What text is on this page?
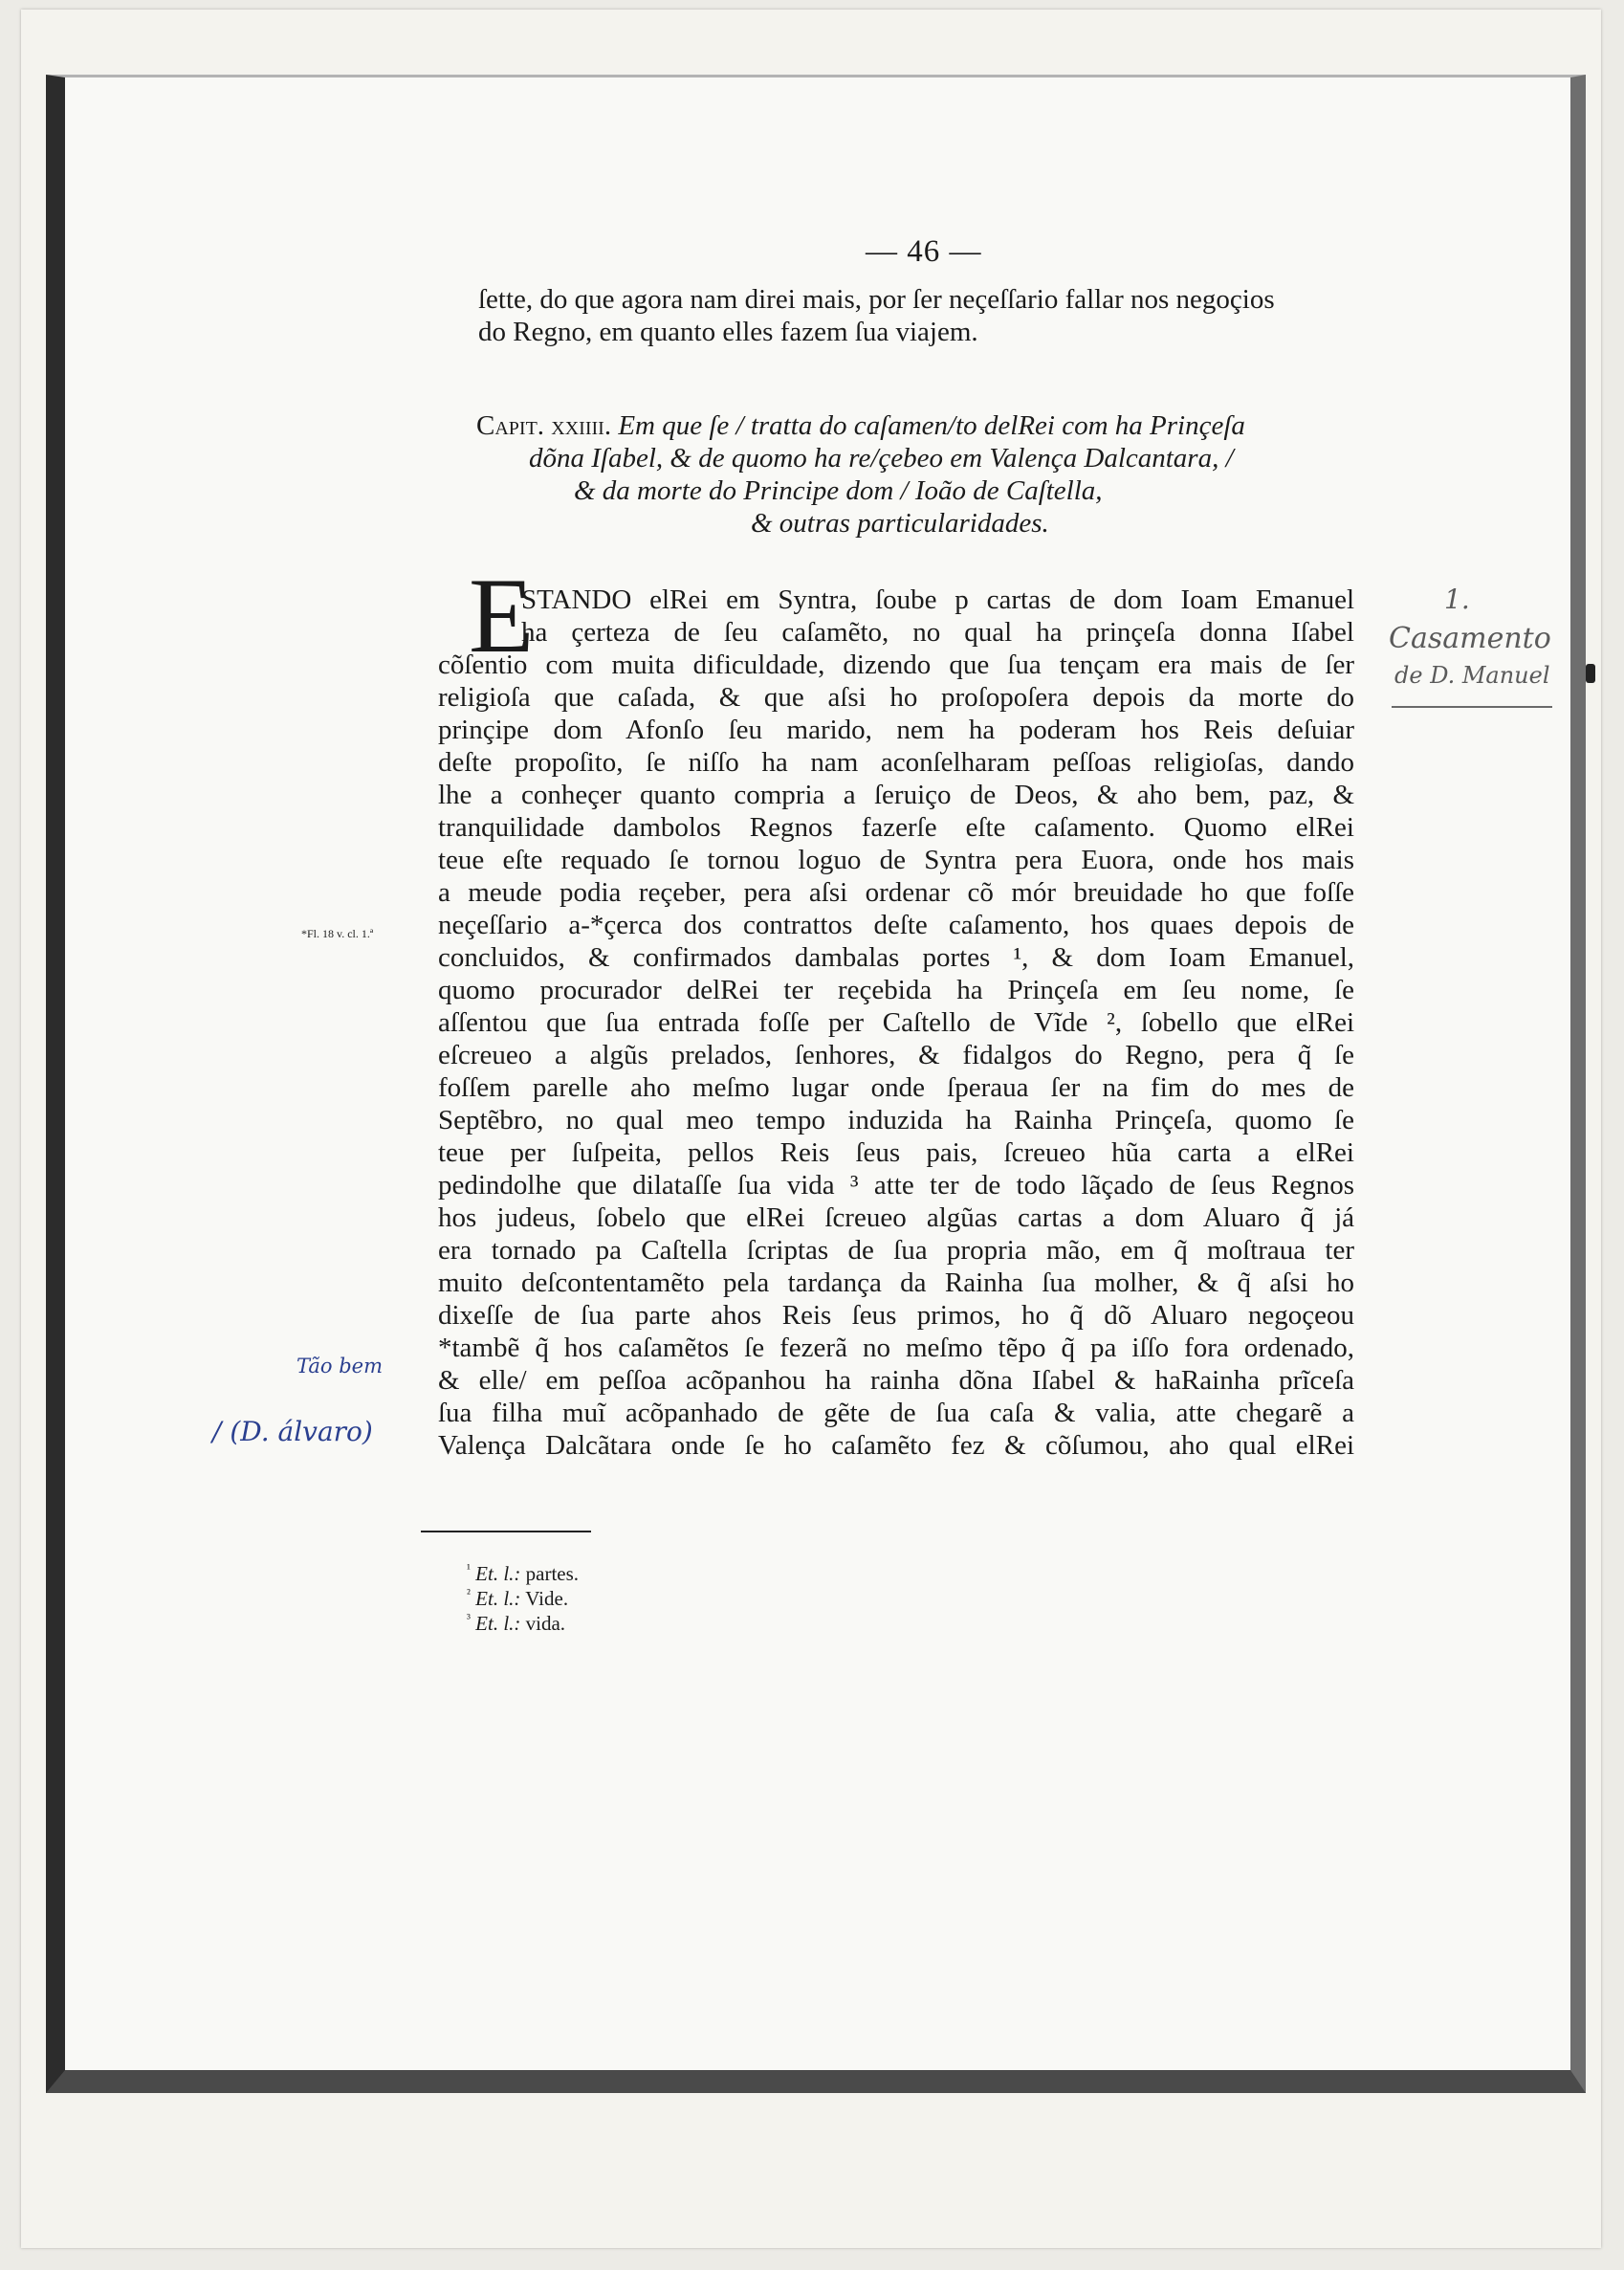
— 46 —
ſette, do que agora nam direi mais, por ſer neçeſſario fallar nos negoçios
do Regno, em quanto elles fazem ſua viajem.
Capit. xxiiii. Em que ſe / tratta do caſamen/to delRei com ha Prinçeſa
dõna Iſabel, & de quomo ha re/çebeo em Valença Dalcantara, /
& da morte do Principe dom / Ioão de Caſtella,
& outras particularidades.
E
STANDO elRei em Syntra, ſoube p cartas de dom Ioam Emanuel
ha çerteza de ſeu caſamẽto, no qual ha prinçeſa donna Iſabel
cõſentio com muita dificuldade, dizendo que ſua tençam era mais de ſer
religioſa que caſada, & que aſsi ho proſopoſera depois da morte do
prinçipe dom Afonſo ſeu marido, nem ha poderam hos Reis deſuiar
deſte propoſito, ſe niſſo ha nam aconſelharam peſſoas religioſas, dando
lhe a conheçer quanto compria a ſeruiço de Deos, & aho bem, paz, &
tranquilidade dambolos Regnos fazerſe eſte caſamento. Quomo elRei
teue eſte requado ſe tornou loguo de Syntra pera Euora, onde hos mais
a meude podia reçeber, pera aſsi ordenar cõ mór breuidade ho que foſſe
neçeſſario a-*çerca dos contrattos deſte caſamento, hos quaes depois de
concluidos, & confirmados dambalas portes ¹, & dom Ioam Emanuel,
quomo procurador delRei ter reçebida ha Prinçeſa em ſeu nome, ſe
aſſentou que ſua entrada foſſe per Caſtello de Vĩde ², ſobello que elRei
eſcreueo a algũs prelados, ſenhores, & fidalgos do Regno, pera q̃ ſe
foſſem parelle aho meſmo lugar onde ſperaua ſer na fim do mes de
Septẽbro, no qual meo tempo induzida ha Rainha Prinçeſa, quomo ſe
teue per ſuſpeita, pellos Reis ſeus pais, ſcreueo hũa carta a elRei
pedindolhe que dilataſſe ſua vida ³ atte ter de todo lãçado de ſeus Regnos
hos judeus, ſobelo que elRei ſcreueo algũas cartas a dom Aluaro q̃ já
era tornado pa Caſtella ſcriptas de ſua propria mão, em q̃ moſtraua ter
muito deſcontentamẽto pela tardança da Rainha ſua molher, & q̃ aſsi ho
dixeſſe de ſua parte ahos Reis ſeus primos, ho q̃ dõ Aluaro negoçeou
*tambẽ q̃ hos caſamẽtos ſe fezerã no meſmo tẽpo q̃ pa iſſo fora ordenado,
& elle/ em peſſoa acõpanhou ha rainha dõna Iſabel & haRainha prĩceſa
ſua filha muĩ acõpanhado de gẽte de ſua caſa & valia, atte chegarẽ a
Valença Dalcãtara onde ſe ho caſamẽto fez & cõſumou, aho qual elRei
*Fl. 18 v. cl. 1.ª
$^{^1}$ Et. l.: partes.
$^{^2}$ Et. l.: Vide.
$^{^3}$ Et. l.: vida.
1.
Casamento
de D. Manuel
Tão bem
/ (D. álvaro)
